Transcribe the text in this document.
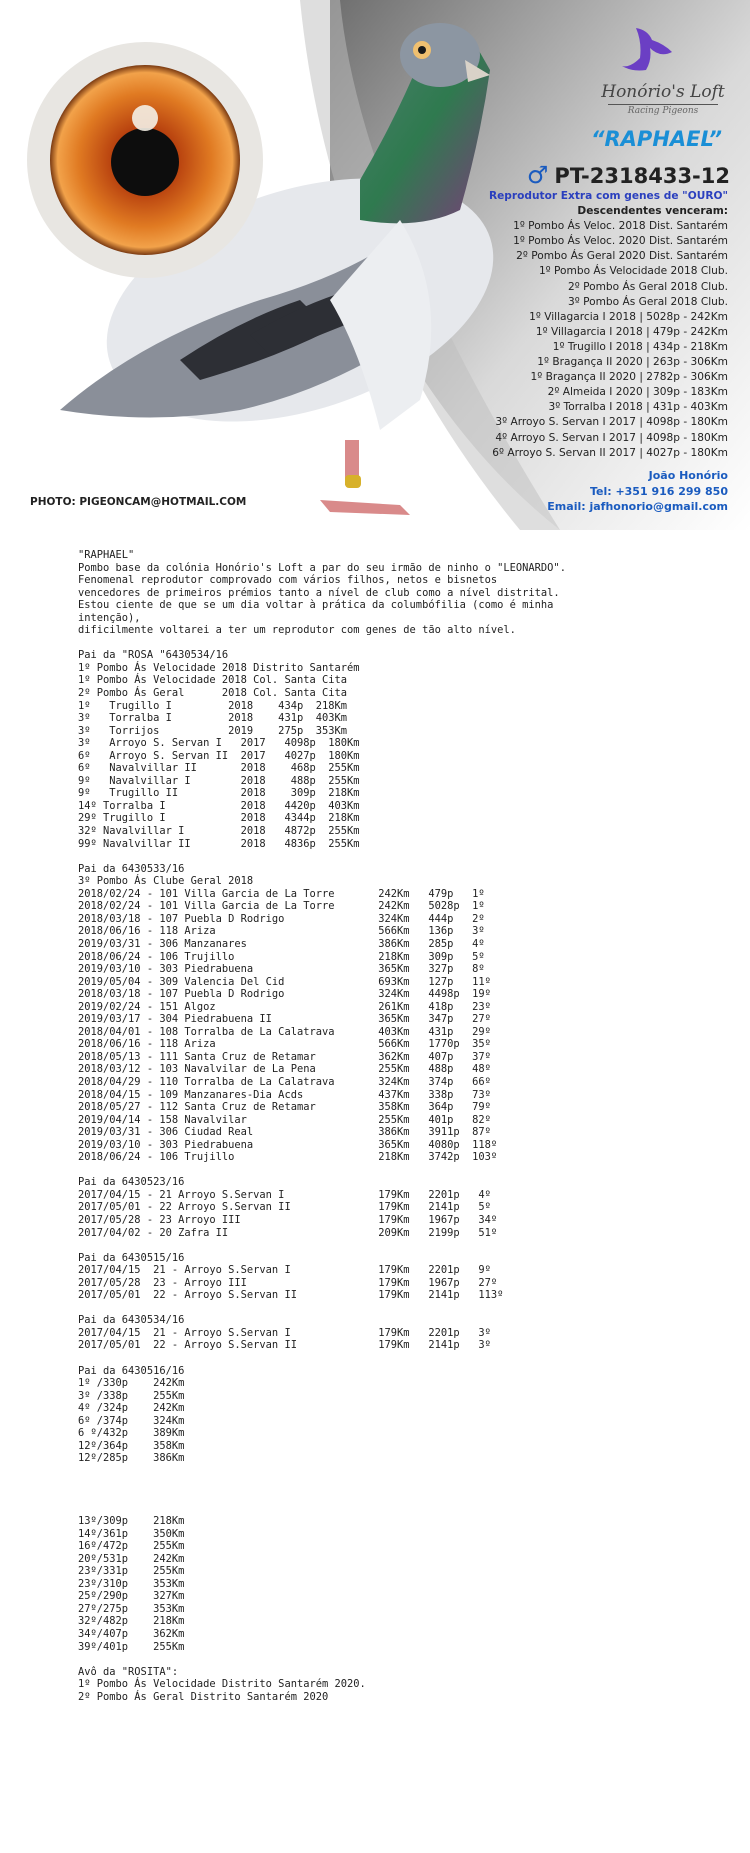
Honório's Loft
Racing Pigeons
“RAPHAEL”
♂ PT-2318433-12
Reprodutor Extra com genes de "OURO"
Descendentes venceram:
1º Pombo Ás Veloc. 2018 Dist. Santarém
1º Pombo Ás Veloc. 2020 Dist. Santarém
2º Pombo Ás Geral 2020 Dist. Santarém
1º Pombo Ás Velocidade 2018 Club.
2º Pombo Ás Geral 2018 Club.
3º Pombo Ás Geral 2018 Club.
1º Villagarcia I 2018 | 5028p - 242Km
1º Villagarcia I 2018 | 479p - 242Km
1º Trugillo I 2018 | 434p - 218Km
1º Bragança II 2020 | 263p - 306Km
1º Bragança II 2020 | 2782p - 306Km
2º Almeida I 2020 | 309p - 183Km
3º Torralba I 2018 | 431p - 403Km
3º Arroyo S. Servan I 2017 | 4098p - 180Km
4º Arroyo S. Servan I 2017 | 4098p - 180Km
6º Arroyo S. Servan II 2017 | 4027p - 180Km
João Honório
Tel: +351 916 299 850
Email: jafhonorio@gmail.com
PHOTO: PIGEONCAM@HOTMAIL.COM
"RAPHAEL"
Pombo base da colónia Honório's Loft a par do seu irmão de ninho o "LEONARDO".
Fenomenal reprodutor comprovado com vários filhos, netos e bisnetos
vencedores de primeiros prémios tanto a nível de club como a nível distrital.
Estou ciente de que se um dia voltar à prática da columbófilia (como é minha
intenção),
dificilmente voltarei a ter um reprodutor com genes de tão alto nível.
Pai da "ROSA "6430534/16
1º Pombo Ás Velocidade 2018 Distrito Santarém
1º Pombo Ás Velocidade 2018 Col. Santa Cita
2º Pombo Ás Geral      2018 Col. Santa Cita
1º   Trugillo I         2018    434p  218Km
3º   Torralba I         2018    431p  403Km
3º   Torrijos           2019    275p  353Km
3º   Arroyo S. Servan I   2017   4098p  180Km
6º   Arroyo S. Servan II  2017   4027p  180Km
6º   Navalvillar II       2018    468p  255Km
9º   Navalvillar I        2018    488p  255Km
9º   Trugillo II          2018    309p  218Km
14º Torralba I            2018   4420p  403Km
29º Trugillo I            2018   4344p  218Km
32º Navalvillar I         2018   4872p  255Km
99º Navalvillar II        2018   4836p  255Km
Pai da 6430533/16
3º Pombo Ás Clube Geral 2018
2018/02/24 - 101 Villa Garcia de La Torre       242Km   479p   1º
2018/02/24 - 101 Villa Garcia de La Torre       242Km   5028p  1º
2018/03/18 - 107 Puebla D Rodrigo               324Km   444p   2º
2018/06/16 - 118 Ariza                          566Km   136p   3º
2019/03/31 - 306 Manzanares                     386Km   285p   4º
2018/06/24 - 106 Trujillo                       218Km   309p   5º
2019/03/10 - 303 Piedrabuena                    365Km   327p   8º
2019/05/04 - 309 Valencia Del Cid               693Km   127p   11º
2018/03/18 - 107 Puebla D Rodrigo               324Km   4498p  19º
2019/02/24 - 151 Algoz                          261Km   418p   23º
2019/03/17 - 304 Piedrabuena II                 365Km   347p   27º
2018/04/01 - 108 Torralba de La Calatrava       403Km   431p   29º
2018/06/16 - 118 Ariza                          566Km   1770p  35º
2018/05/13 - 111 Santa Cruz de Retamar          362Km   407p   37º
2018/03/12 - 103 Navalvilar de La Pena          255Km   488p   48º
2018/04/29 - 110 Torralba de La Calatrava       324Km   374p   66º
2018/04/15 - 109 Manzanares-Dia Acds            437Km   338p   73º
2018/05/27 - 112 Santa Cruz de Retamar          358Km   364p   79º
2019/04/14 - 158 Navalvilar                     255Km   401p   82º
2019/03/31 - 306 Ciudad Real                    386Km   3911p  87º
2019/03/10 - 303 Piedrabuena                    365Km   4080p  118º
2018/06/24 - 106 Trujillo                       218Km   3742p  103º
Pai da 6430523/16
2017/04/15 - 21 Arroyo S.Servan I               179Km   2201p   4º
2017/05/01 - 22 Arroyo S.Servan II              179Km   2141p   5º
2017/05/28 - 23 Arroyo III                      179Km   1967p   34º
2017/04/02 - 20 Zafra II                        209Km   2199p   51º
Pai da 6430515/16
2017/04/15  21 - Arroyo S.Servan I              179Km   2201p   9º
2017/05/28  23 - Arroyo III                     179Km   1967p   27º
2017/05/01  22 - Arroyo S.Servan II             179Km   2141p   113º
Pai da 6430534/16
2017/04/15  21 - Arroyo S.Servan I              179Km   2201p   3º
2017/05/01  22 - Arroyo S.Servan II             179Km   2141p   3º
Pai da 6430516/16
1º /330p    242Km
3º /338p    255Km
4º /324p    242Km
6º /374p    324Km
6 º/432p    389Km
12º/364p    358Km
12º/285p    386Km
13º/309p    218Km
14º/361p    350Km
16º/472p    255Km
20º/531p    242Km
23º/331p    255Km
23º/310p    353Km
25º/290p    327Km
27º/275p    353Km
32º/482p    218Km
34º/407p    362Km
39º/401p    255Km
Avô da "ROSITA":
1º Pombo Ás Velocidade Distrito Santarém 2020.
2º Pombo Ás Geral Distrito Santarém 2020
